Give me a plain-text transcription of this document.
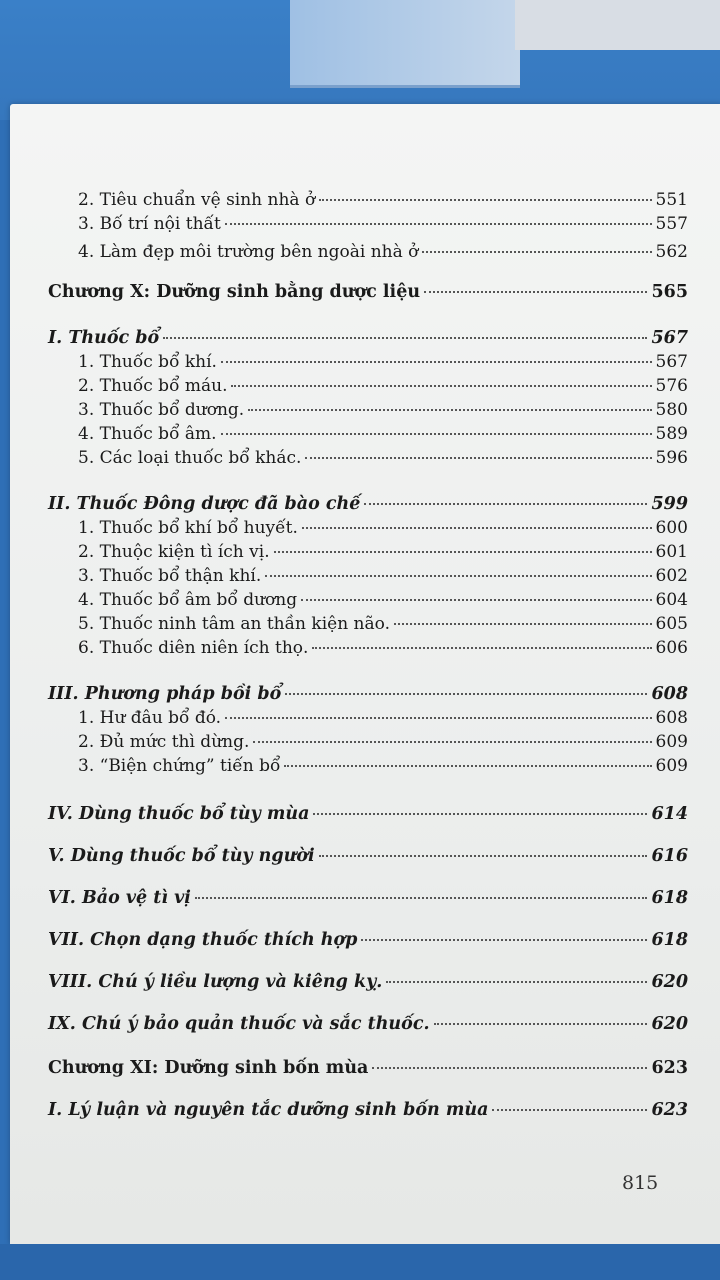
2. Tiêu chuẩn vệ sinh nhà ở	551
3. Bố trí nội thất	557
4. Làm đẹp môi trường bên ngoài nhà ở	562
Chương X: Dưỡng sinh bằng dược liệu	565
I. Thuốc bổ	567
1. Thuốc bổ khí.	567
2. Thuốc bổ máu.	576
3. Thuốc bổ dương.	580
4. Thuốc bổ âm.	589
5. Các loại thuốc bổ khác.	596
II. Thuốc Đông dược đã bào chế	599
1. Thuốc bổ khí bổ huyết.	600
2. Thuộc kiện tì ích vị.	601
3. Thuốc bổ thận khí.	602
4. Thuốc bổ âm bổ dương	604
5. Thuốc ninh tâm an thần kiện não.	605
6. Thuốc diên niên ích thọ.	606
III. Phương pháp bồi bổ	608
1. Hư đâu bổ đó.	608
2. Đủ mức thì dừng.	609
3. “Biện chứng” tiến bổ	609
IV. Dùng thuốc bổ tùy mùa	614
V. Dùng thuốc bổ tùy người	616
VI. Bảo vệ tì vị	618
VII. Chọn dạng thuốc thích hợp	618
VIII. Chú ý liều lượng và kiêng kỵ.	620
IX. Chú ý bảo quản thuốc và sắc thuốc.	620
Chương XI: Dưỡng sinh bốn mùa	623
I. Lý luận và nguyên tắc dưỡng sinh bốn mùa	623
815
